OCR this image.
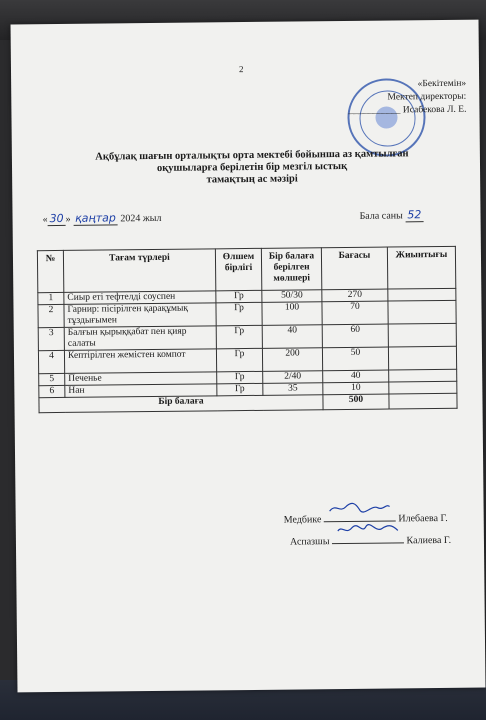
2
«Бекітемін»
Мектеп директоры:
___________ Исабекова Л. Е.
Ақбұлақ шағын орталықты орта мектебі бойынша аз қамтылған
оқушыларға берілетін бір мезгіл ыстық
тамақтың ас мәзірі
« 30 » қаңтар 2024 жыл	Бала саны 52
№	Тағам түрлері	Өлшем бірлігі	Бір балаға берілген мөлшері	Бағасы	Жиынтығы
1	Сиыр еті тефтелді соуспен	Гр	50/30	270	
2	Гарнир: пісірілген қарақұмық тұздығымен	Гр	100	70	
3	Балғын қырыққабат пен қияр салаты	Гр	40	60	
4	Кептірілген жемістен компот	Гр	200	50	
5	Печенье	Гр	2/40	40	
6	Нан	Гр	35	10	
Бір балаға				500	
Медбике	Илебаева Г.
Аспазшы	Калиева Г.
